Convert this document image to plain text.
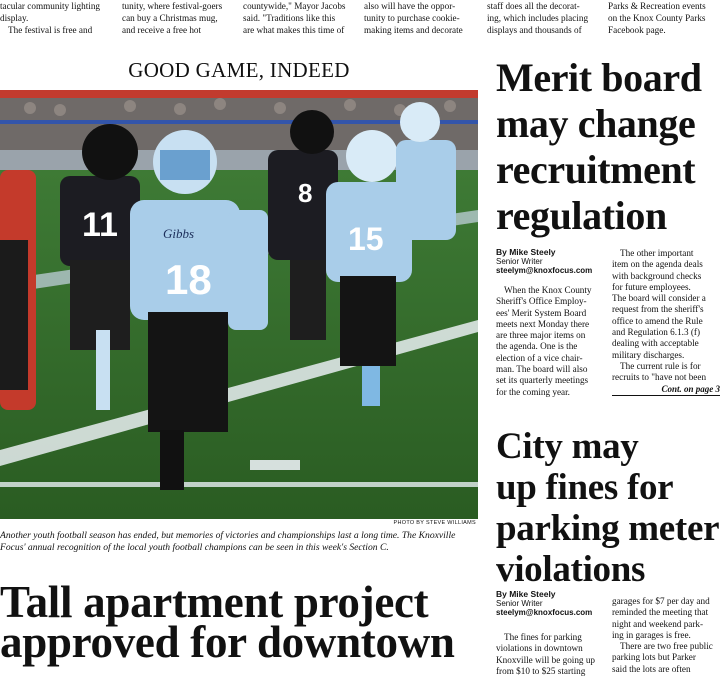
tacular community lighting
display.
The festival is free and
tunity, where festival-goers
can buy a Christmas mug,
and receive a free hot
countywide," Mayor Jacobs
said. "Traditions like this
are what makes this time of
also will have the oppor-
tunity to purchase cookie-
making items and decorate
staff does all the decorat-
ing, which includes placing
displays and thousands of
Parks & Recreation events
on the Knox County Parks
Facebook page.
GOOD GAME, INDEED
11
8
18
Gibbs	15
PHOTO BY STEVE WILLIAMS
Another youth football season has ended, but memories of victories and championships last a long time. The Knoxville Focus' annual recognition of the local youth football champions can be seen in this week's Section C.
Tall apartment project
approved for downtown
Merit board
may change
recruitment
regulation
By Mike Steely
Senior Writer
steelym@knoxfocus.com
When the Knox County
Sheriff's Office Employ-
ees' Merit System Board
meets next Monday there
are three major items on
the agenda. One is the
election of a vice chair-
man. The board will also
set its quarterly meetings
for the coming year.
The other important
item on the agenda deals
with background checks
for future employees.
The board will consider a
request from the sheriff's
office to amend the Rule
and Regulation 6.1.3 (f)
dealing with acceptable
military discharges.
The current rule is for
recruits to "have not been
Cont. on page 3
City may
up fines for
parking meter
violations
By Mike Steely
Senior Writer
steelym@knoxfocus.com
The fines for parking
violations in downtown
Knoxville will be going up
from $10 to $25 starting
garages for $7 per day and
reminded the meeting that
night and weekend park-
ing in garages is free.
There are two free public
parking lots but Parker
said the lots are often
